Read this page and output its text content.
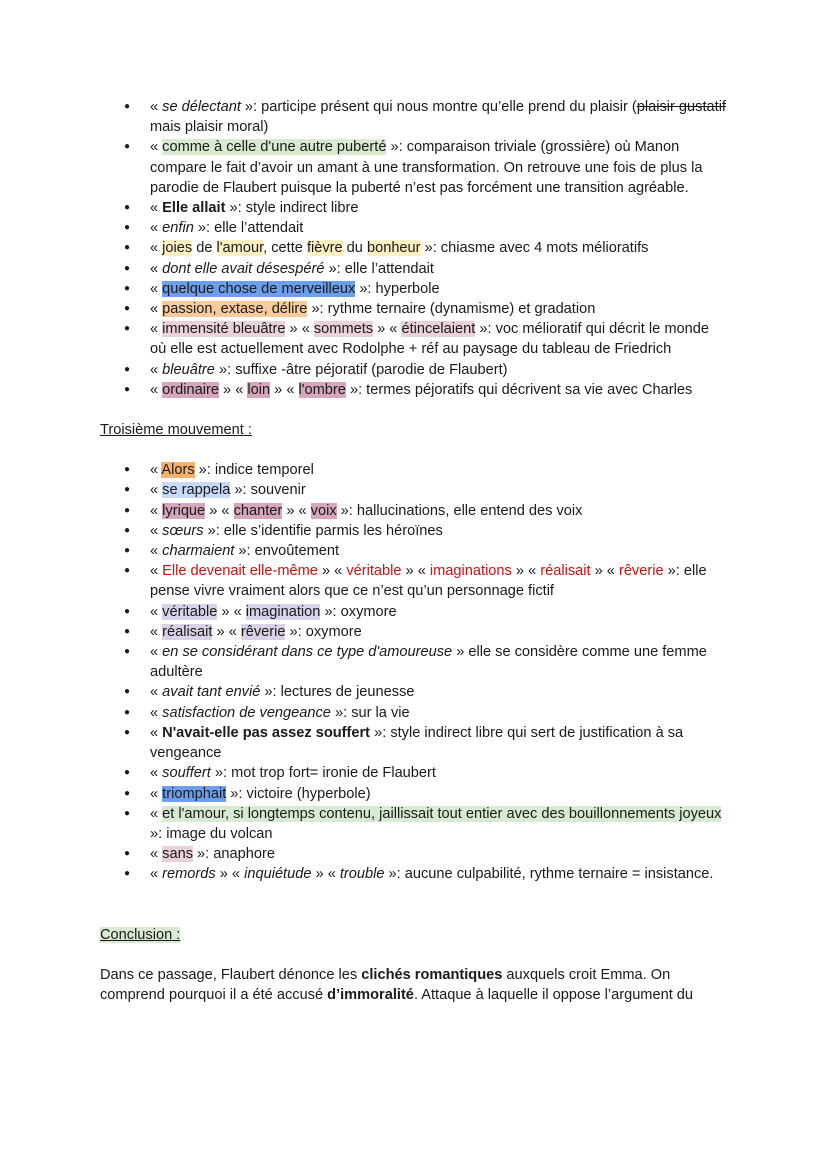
● « se délectant »: participe présent qui nous montre qu’elle prend du plaisir (plaisir gustatif mais plaisir moral)
● « comme à celle d'une autre puberté »: comparaison triviale (grossière) où Manon compare le fait d’avoir un amant à une transformation. On retrouve une fois de plus la parodie de Flaubert puisque la puberté n’est pas forcément une transition agréable.
● « Elle allait »: style indirect libre
● « enfin »: elle l’attendait
● « joies de l'amour, cette fièvre du bonheur »: chiasme avec 4 mots mélioratifs
● « dont elle avait désespéré »: elle l’attendait
● « quelque chose de merveilleux »: hyperbole
● « passion, extase, délire »: rythme ternaire (dynamisme) et gradation
● « immensité bleuâtre » « sommets » « étincelaient »: voc mélioratif qui décrit le monde où elle est actuellement avec Rodolphe + réf au paysage du tableau de Friedrich
● « bleuâtre »: suffixe -âtre péjoratif (parodie de Flaubert)
● « ordinaire » « loin » « l'ombre »: termes péjoratifs qui décrivent sa vie avec Charles
Troisième mouvement :
● « Alors »: indice temporel
● « se rappela »: souvenir
● « lyrique » « chanter » « voix »: hallucinations, elle entend des voix
● « sœurs »: elle s’identifie parmis les héroïnes
● « charmaient »: envoûtement
● « Elle devenait elle-même » « véritable » « imaginations » « réalisait » « rêverie »: elle pense vivre vraiment alors que ce n’est qu’un personnage fictif
● « véritable » « imagination »: oxymore
● « réalisait » « rêverie »: oxymore
● « en se considérant dans ce type d'amoureuse » elle se considère comme une femme adultère
● « avait tant envié »: lectures de jeunesse
● « satisfaction de vengeance »: sur la vie
● « N'avait-elle pas assez souffert »: style indirect libre qui sert de justification à sa vengeance
● « souffert »: mot trop fort= ironie de Flaubert
● « triomphait »: victoire (hyperbole)
● « et l'amour, si longtemps contenu, jaillissait tout entier avec des bouillonnements joyeux »: image du volcan
● « sans »: anaphore
● « remords » « inquiétude » « trouble »: aucune culpabilité, rythme ternaire = insistance.
Conclusion :
Dans ce passage, Flaubert dénonce les clichés romantiques auxquels croit Emma. On comprend pourquoi il a été accusé d’immoralité. Attaque à laquelle il oppose l’argument du
